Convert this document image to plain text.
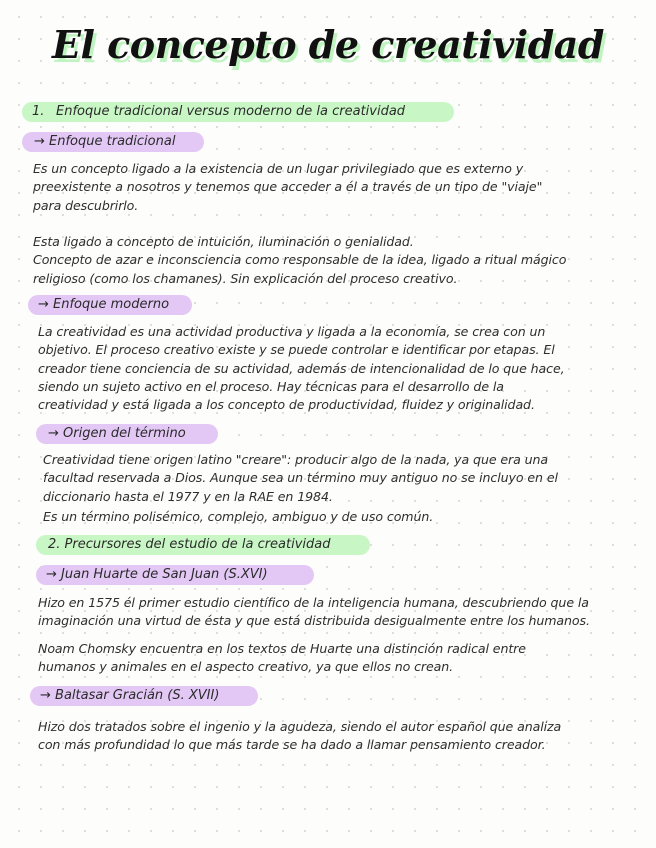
El concepto de creatividad
1. Enfoque tradicional versus moderno de la creatividad
→ Enfoque tradicional
Es un concepto ligado a la existencia de un lugar privilegiado que es externo y
preexistente a nosotros y tenemos que acceder a él a través de un tipo de "viaje"
para descubrirlo.
Esta ligado a concepto de intuición, iluminación o genialidad.
Concepto de azar e inconsciencia como responsable de la idea, ligado a ritual mágico
religioso (como los chamanes). Sin explicación del proceso creativo.
→ Enfoque moderno
La creatividad es una actividad productiva y ligada a la economía, se crea con un
objetivo. El proceso creativo existe y se puede controlar e identificar por etapas. El
creador tiene conciencia de su actividad, además de intencionalidad de lo que hace,
siendo un sujeto activo en el proceso. Hay técnicas para el desarrollo de la
creatividad y está ligada a los concepto de productividad, fluidez y originalidad.
→ Origen del término
Creatividad tiene origen latino "creare": producir algo de la nada, ya que era una
facultad reservada a Dios. Aunque sea un término muy antiguo no se incluyo en el
diccionario hasta el 1977 y en la RAE en 1984.
Es un término polisémico, complejo, ambiguo y de uso común.
2. Precursores del estudio de la creatividad
→ Juan Huarte de San Juan (S.XVI)
Hizo en 1575 él primer estudio científico de la inteligencia humana, descubriendo que la
imaginación una virtud de ésta y que está distribuida desigualmente entre los humanos.
Noam Chomsky encuentra en los textos de Huarte una distinción radical entre
humanos y animales en el aspecto creativo, ya que ellos no crean.
→ Baltasar Gracián (S. XVII)
Hizo dos tratados sobre el ingenio y la agudeza, siendo el autor español que analiza
con más profundidad lo que más tarde se ha dado a llamar pensamiento creador.
